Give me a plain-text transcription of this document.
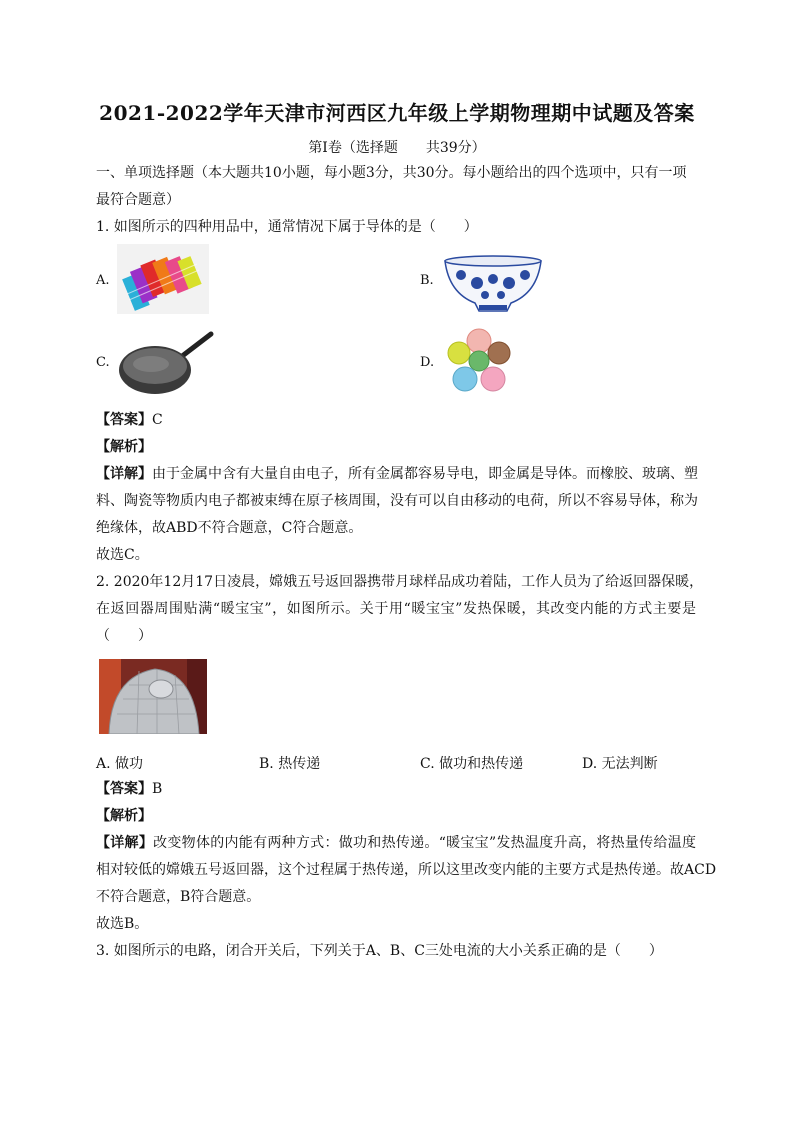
2021-2022学年天津市河西区九年级上学期物理期中试题及答案
第Ⅰ卷（选择题　　共39分）
一、单项选择题（本大题共10小题，每小题3分，共30分。每小题给出的四个选项中，只有一项
最符合题意）
1. 如图所示的四种用品中，通常情况下属于导体的是（　　）
A.	B.
C.	D.
【答案】C
【解析】
【详解】由于金属中含有大量自由电子，所有金属都容易导电，即金属是导体。而橡胶、玻璃、塑
料、陶瓷等物质内电子都被束缚在原子核周围，没有可以自由移动的电荷，所以不容易导体，称为
绝缘体，故ABD不符合题意，C符合题意。
故选C。
2. 2020年12月17日凌晨，嫦娥五号返回器携带月球样品成功着陆，工作人员为了给返回器保暖，
在返回器周围贴满“暖宝宝”，如图所示。关于用“暖宝宝”发热保暖，其改变内能的方式主要是
（　　）
A. 做功	B. 热传递	C. 做功和热传递	D. 无法判断
【答案】B
【解析】
【详解】改变物体的内能有两种方式：做功和热传递。“暖宝宝”发热温度升高，将热量传给温度
相对较低的嫦娥五号返回器，这个过程属于热传递，所以这里改变内能的主要方式是热传递。故ACD
不符合题意，B符合题意。
故选B。
3. 如图所示的电路，闭合开关后，下列关于A、B、C三处电流的大小关系正确的是（　　）
